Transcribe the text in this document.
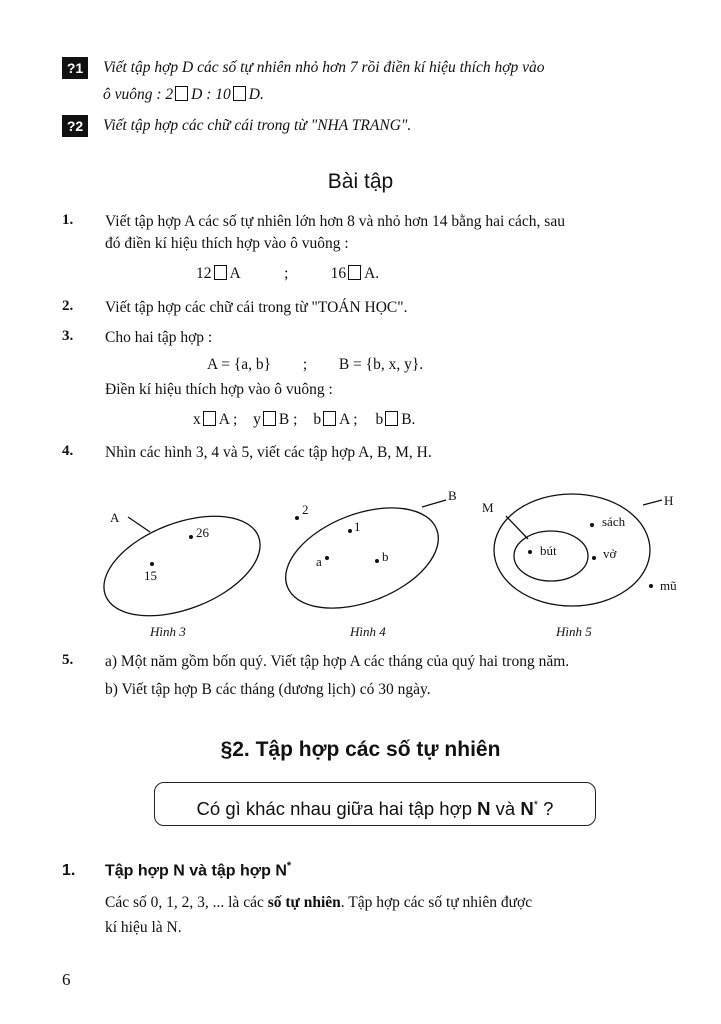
?1	Viết tập hợp D các số tự nhiên nhỏ hơn 7 rồi điền kí hiệu thích hợp vào
ô vuông : 2 D : 10 D.
?2	Viết tập hợp các chữ cái trong từ "NHA TRANG".
Bài tập
1. Viết tập hợp A các số tự nhiên lớn hơn 8 và nhỏ hơn 14 bằng hai cách, sau
đó điền kí hiệu thích hợp vào ô vuông :
12 A	;	16 A.
2. Viết tập hợp các chữ cái trong từ "TOÁN HỌC".
3. Cho hai tập hợp :
A = {a, b} ; B = {b, x, y}.
Điền kí hiệu thích hợp vào ô vuông :
x A ; y B ; b A ; b B.
4. Nhìn các hình 3, 4 và 5, viết các tập hợp A, B, M, H.
A
26
15
B
2
1
a	b
M	H
sách
bút	vở
mũ
Hình 3	Hình 4	Hình 5
5. a) Một năm gồm bốn quý. Viết tập hợp A các tháng của quý hai trong năm.
b) Viết tập hợp B các tháng (dương lịch) có 30 ngày.
§2. Tập hợp các số tự nhiên
Có gì khác nhau giữa hai tập hợp N và N* ?
1. Tập hợp N và tập hợp N*
Các số 0, 1, 2, 3, ... là các số tự nhiên. Tập hợp các số tự nhiên được
kí hiệu là N.
6
